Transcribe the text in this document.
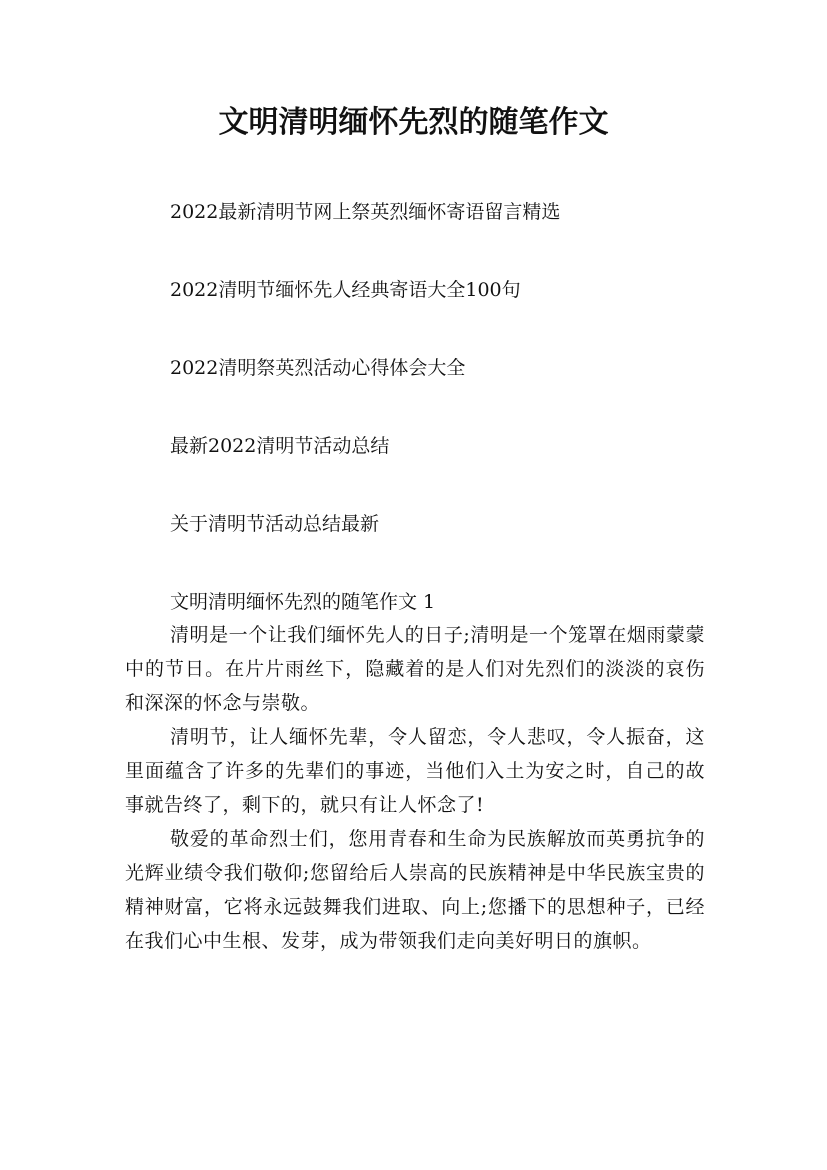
文明清明缅怀先烈的随笔作文
2022最新清明节网上祭英烈缅怀寄语留言精选
2022清明节缅怀先人经典寄语大全100句
2022清明祭英烈活动心得体会大全
最新2022清明节活动总结
关于清明节活动总结最新
文明清明缅怀先烈的随笔作文 1

清明是一个让我们缅怀先人的日子;清明是一个笼罩在烟雨蒙蒙中的节日。在片片雨丝下，隐藏着的是人们对先烈们的淡淡的哀伤和深深的怀念与崇敬。

清明节，让人缅怀先辈，令人留恋，令人悲叹，令人振奋，这里面蕴含了许多的先辈们的事迹，当他们入土为安之时，自己的故事就告终了，剩下的，就只有让人怀念了!

敬爱的革命烈士们，您用青春和生命为民族解放而英勇抗争的光辉业绩令我们敬仰;您留给后人崇高的民族精神是中华民族宝贵的精神财富，它将永远鼓舞我们进取、向上;您播下的思想种子，已经在我们心中生根、发芽，成为带领我们走向美好明日的旗帜。
